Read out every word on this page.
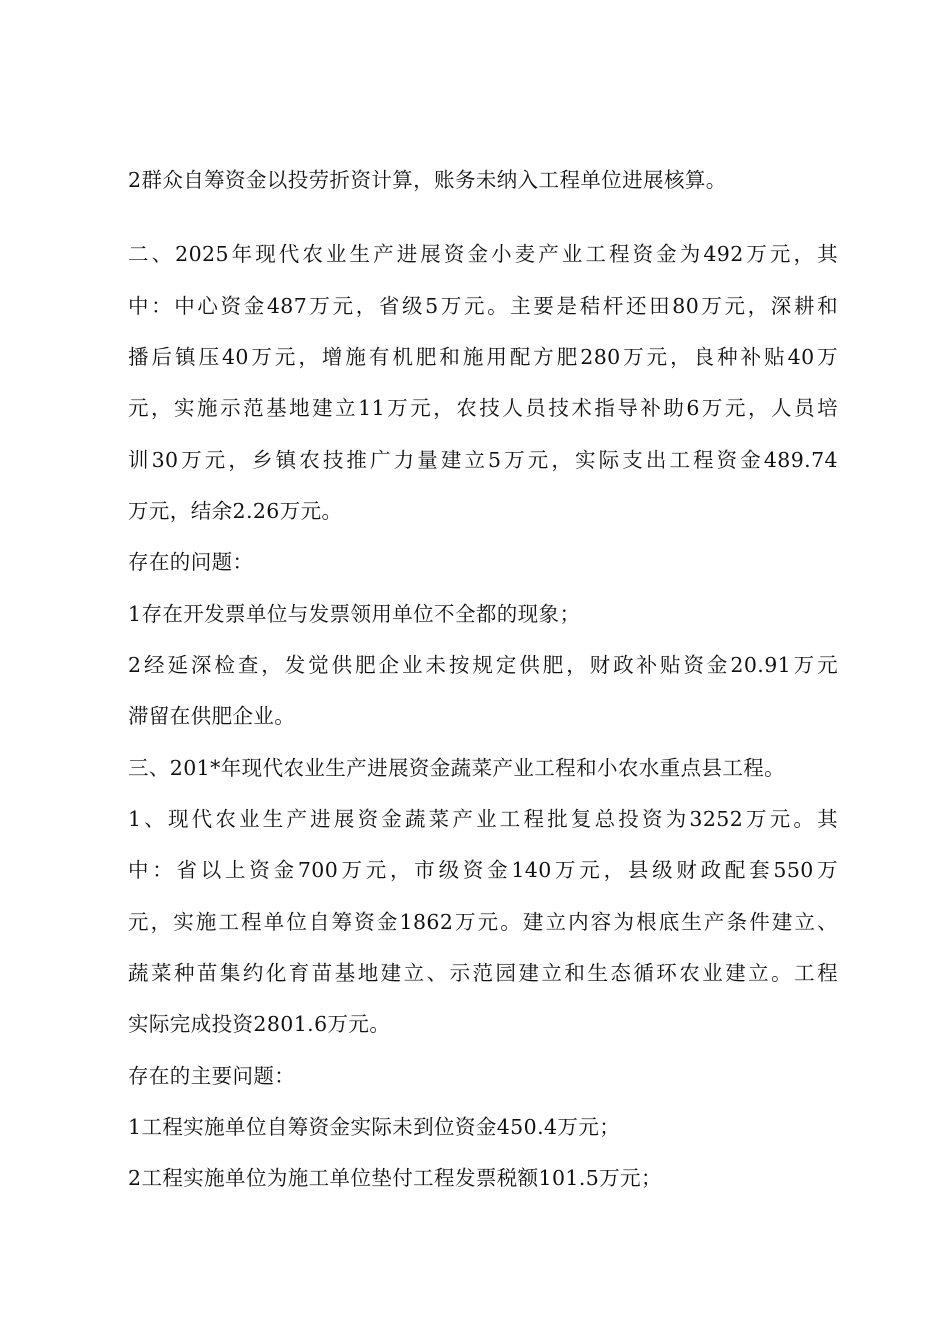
2群众自筹资金以投劳折资计算，账务未纳入工程单位进展核算。
二、2025年现代农业生产进展资金小麦产业工程资金为492万元，其
中：中心资金487万元，省级5万元。主要是秸杆还田80万元，深耕和
播后镇压40万元，增施有机肥和施用配方肥280万元，良种补贴40万
元，实施示范基地建立11万元，农技人员技术指导补助6万元，人员培
训30万元，乡镇农技推广力量建立5万元，实际支出工程资金489.74
万元，结余2.26万元。
存在的问题：
1存在开发票单位与发票领用单位不全都的现象；
2经延深检查，发觉供肥企业未按规定供肥，财政补贴资金20.91万元
滞留在供肥企业。
三、201*年现代农业生产进展资金蔬菜产业工程和小农水重点县工程。
1、现代农业生产进展资金蔬菜产业工程批复总投资为3252万元。其
中：省以上资金700万元，市级资金140万元，县级财政配套550万
元，实施工程单位自筹资金1862万元。建立内容为根底生产条件建立、
蔬菜种苗集约化育苗基地建立、示范园建立和生态循环农业建立。工程
实际完成投资2801.6万元。
存在的主要问题：
1工程实施单位自筹资金实际未到位资金450.4万元；
2工程实施单位为施工单位垫付工程发票税额101.5万元；
